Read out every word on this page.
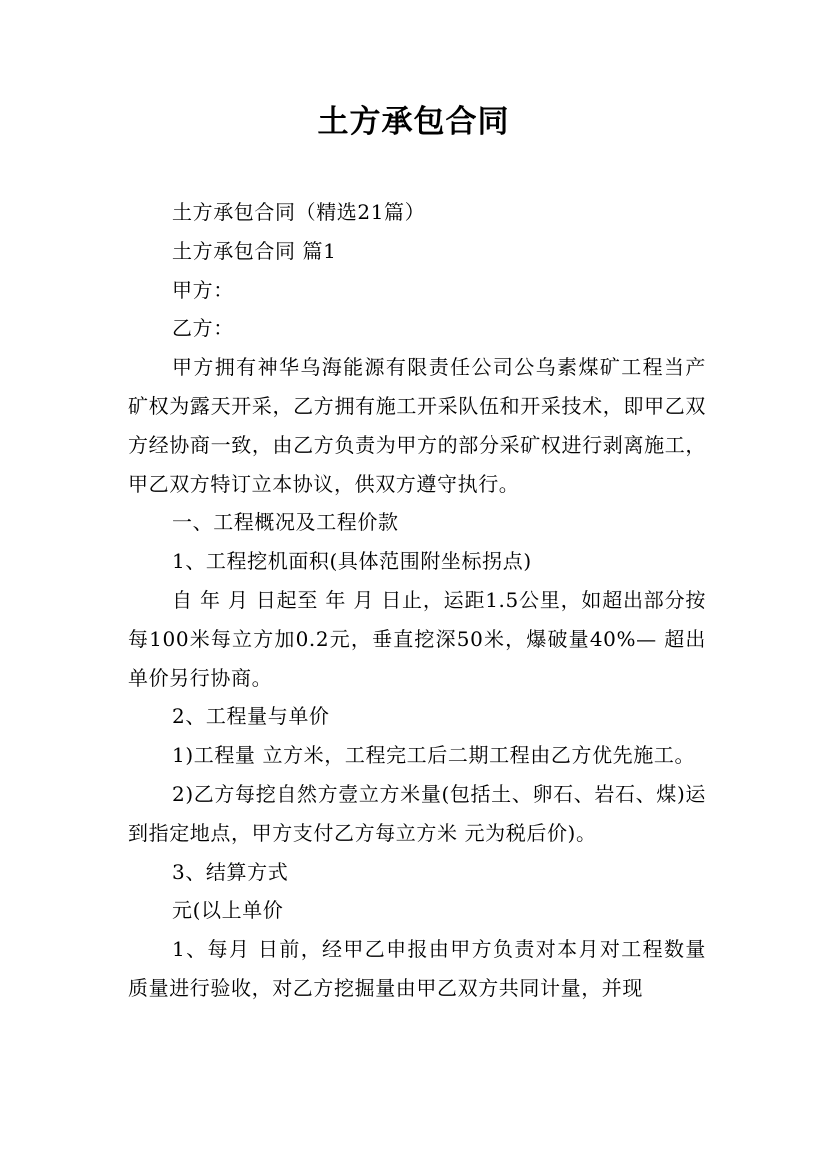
土方承包合同

土方承包合同（精选21篇）

土方承包合同 篇1

甲方：

乙方：

甲方拥有神华乌海能源有限责任公司公乌素煤矿工程当产矿权为露天开采，乙方拥有施工开采队伍和开采技术，即甲乙双方经协商一致，由乙方负责为甲方的部分采矿权进行剥离施工，甲乙双方特订立本协议，供双方遵守执行。

一、工程概况及工程价款

1、工程挖机面积(具体范围附坐标拐点)

自 年 月 日起至 年 月 日止，运距1.5公里，如超出部分按每100米每立方加0.2元，垂直挖深50米，爆破量40%— 超出单价另行协商。

2、工程量与单价

1)工程量 立方米，工程完工后二期工程由乙方优先施工。

2)乙方每挖自然方壹立方米量(包括土、卵石、岩石、煤)运到指定地点，甲方支付乙方每立方米 元为税后价)。

3、结算方式

元(以上单价

1、每月 日前，经甲乙申报由甲方负责对本月对工程数量质量进行验收，对乙方挖掘量由甲乙双方共同计量，并现
